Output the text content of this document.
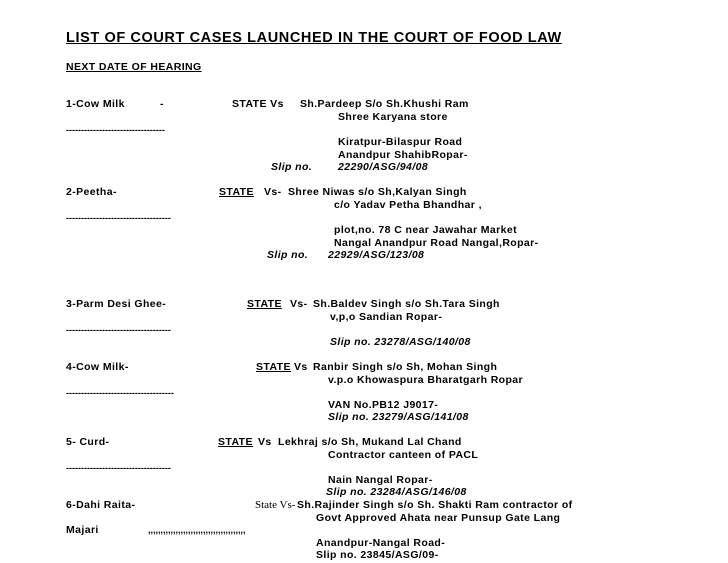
LIST OF COURT CASES LAUNCHED IN THE COURT OF FOOD LAW
NEXT DATE OF HEARING
1-Cow Milk	-	STATE Vs Sh.Pardeep S/o Sh.Khushi Ram
Shree Karyana store
---------------------------------
Kiratpur-Bilaspur Road
Anandpur ShahibRopar-
Slip no. 22290/ASG/94/08
2-Peetha-	STATE Vs- Shree Niwas s/o Sh,Kalyan Singh
c/o Yadav Petha Bhandhar ,
-----------------------------------
plot,no. 78 C near Jawahar Market
Nangal Anandpur Road Nangal,Ropar-
Slip no. 22929/ASG/123/08
3-Parm Desi Ghee-	STATE Vs- Sh.Baldev Singh s/o Sh.Tara Singh
v,p,o Sandian Ropar-
-----------------------------------
Slip no. 23278/ASG/140/08
4-Cow Milk-	STATE Vs Ranbir Singh s/o Sh, Mohan Singh
v.p.o Khowaspura Bharatgarh Ropar
------------------------------------
VAN No.PB12 J9017-
Slip no. 23279/ASG/141/08
5- Curd-	STATE Vs Lekhraj s/o Sh, Mukand Lal Chand
Contractor canteen of PACL
-----------------------------------
Nain Nangal Ropar-
Slip no. 23284/ASG/146/08
6-Dahi Raita-	State Vs- Sh.Rajinder Singh s/o Sh. Shakti Ram contractor of
Govt Approved Ahata near Punsup Gate Lang
Majari	,,,,,,,,,,,,,,,,,,,,,,,,,,,,,,,,,,,,,,,
Anandpur-Nangal Road-
Slip no. 23845/ASG/09-
